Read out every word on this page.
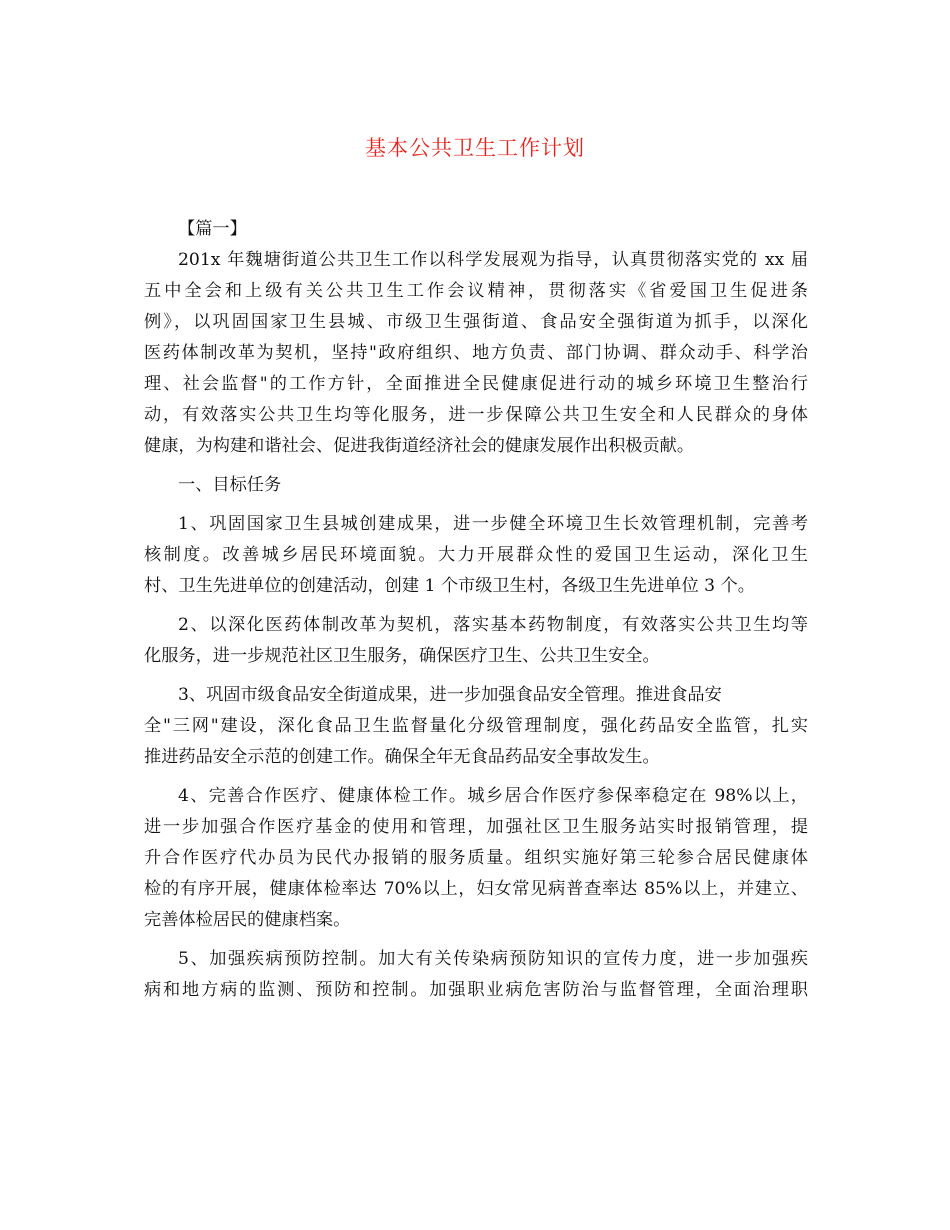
基本公共卫生工作计划
【篇一】
201x 年魏塘街道公共卫生工作以科学发展观为指导，认真贯彻落实党的 xx 届
五中全会和上级有关公共卫生工作会议精神，贯彻落实《省爱国卫生促进条
例》，以巩固国家卫生县城、市级卫生强街道、食品安全强街道为抓手，以深化
医药体制改革为契机，坚持"政府组织、地方负责、部门协调、群众动手、科学治
理、社会监督"的工作方针，全面推进全民健康促进行动的城乡环境卫生整治行
动，有效落实公共卫生均等化服务，进一步保障公共卫生安全和人民群众的身体
健康，为构建和谐社会、促进我街道经济社会的健康发展作出积极贡献。
一、目标任务
1、巩固国家卫生县城创建成果，进一步健全环境卫生长效管理机制，完善考
核制度。改善城乡居民环境面貌。大力开展群众性的爱国卫生运动，深化卫生
村、卫生先进单位的创建活动，创建 1 个市级卫生村，各级卫生先进单位 3 个。
2、以深化医药体制改革为契机，落实基本药物制度，有效落实公共卫生均等
化服务，进一步规范社区卫生服务，确保医疗卫生、公共卫生安全。
3、巩固市级食品安全街道成果，进一步加强食品安全管理。推进食品安
全"三网"建设，深化食品卫生监督量化分级管理制度，强化药品安全监管，扎实
推进药品安全示范的创建工作。确保全年无食品药品安全事故发生。
4、完善合作医疗、健康体检工作。城乡居合作医疗参保率稳定在 98%以上，
进一步加强合作医疗基金的使用和管理，加强社区卫生服务站实时报销管理，提
升合作医疗代办员为民代办报销的服务质量。组织实施好第三轮参合居民健康体
检的有序开展，健康体检率达 70%以上，妇女常见病普查率达 85%以上，并建立、
完善体检居民的健康档案。
5、加强疾病预防控制。加大有关传染病预防知识的宣传力度，进一步加强疾
病和地方病的监测、预防和控制。加强职业病危害防治与监督管理，全面治理职
